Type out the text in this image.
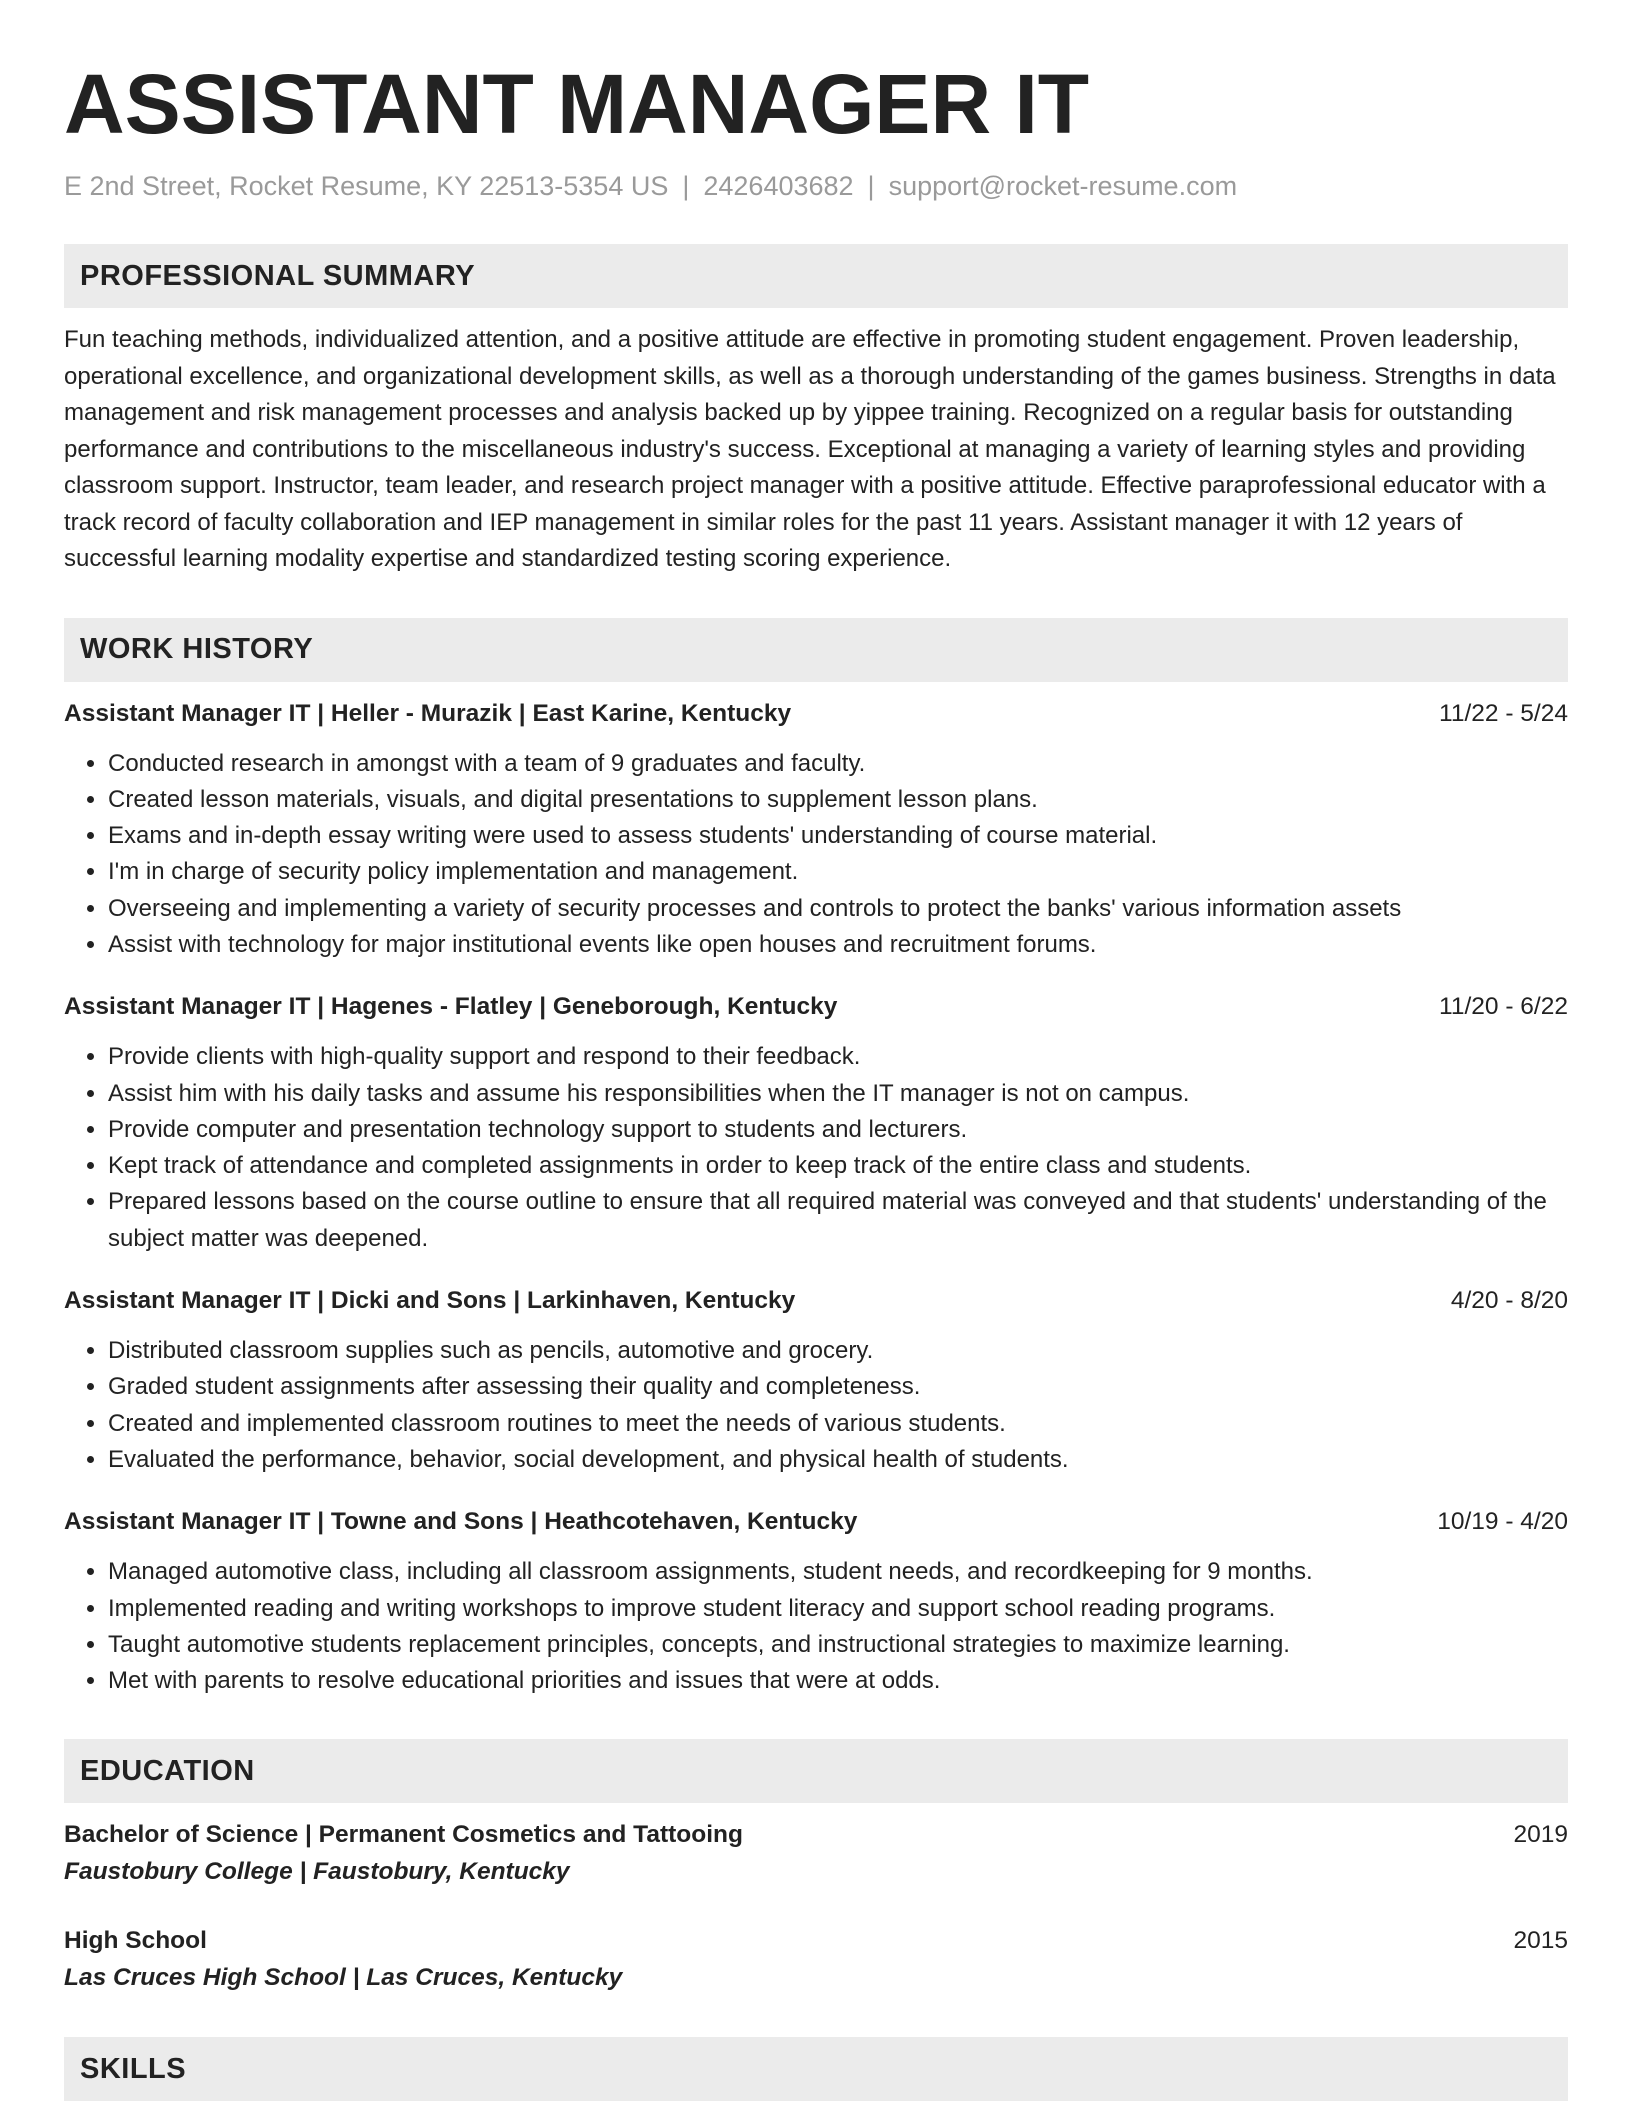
ASSISTANT MANAGER IT
E 2nd Street, Rocket Resume, KY 22513-5354 US | 2426403682 | support@rocket-resume.com
PROFESSIONAL SUMMARY
Fun teaching methods, individualized attention, and a positive attitude are effective in promoting student engagement. Proven leadership, operational excellence, and organizational development skills, as well as a thorough understanding of the games business. Strengths in data management and risk management processes and analysis backed up by yippee training. Recognized on a regular basis for outstanding performance and contributions to the miscellaneous industry's success. Exceptional at managing a variety of learning styles and providing classroom support. Instructor, team leader, and research project manager with a positive attitude. Effective paraprofessional educator with a track record of faculty collaboration and IEP management in similar roles for the past 11 years. Assistant manager it with 12 years of successful learning modality expertise and standardized testing scoring experience.
WORK HISTORY
Assistant Manager IT | Heller - Murazik | East Karine, Kentucky	11/22 - 5/24
• Conducted research in amongst with a team of 9 graduates and faculty.
• Created lesson materials, visuals, and digital presentations to supplement lesson plans.
• Exams and in-depth essay writing were used to assess students' understanding of course material.
• I'm in charge of security policy implementation and management.
• Overseeing and implementing a variety of security processes and controls to protect the banks' various information assets
• Assist with technology for major institutional events like open houses and recruitment forums.
Assistant Manager IT | Hagenes - Flatley | Geneborough, Kentucky	11/20 - 6/22
• Provide clients with high-quality support and respond to their feedback.
• Assist him with his daily tasks and assume his responsibilities when the IT manager is not on campus.
• Provide computer and presentation technology support to students and lecturers.
• Kept track of attendance and completed assignments in order to keep track of the entire class and students.
• Prepared lessons based on the course outline to ensure that all required material was conveyed and that students' understanding of the subject matter was deepened.
Assistant Manager IT | Dicki and Sons | Larkinhaven, Kentucky	4/20 - 8/20
• Distributed classroom supplies such as pencils, automotive and grocery.
• Graded student assignments after assessing their quality and completeness.
• Created and implemented classroom routines to meet the needs of various students.
• Evaluated the performance, behavior, social development, and physical health of students.
Assistant Manager IT | Towne and Sons | Heathcotehaven, Kentucky	10/19 - 4/20
• Managed automotive class, including all classroom assignments, student needs, and recordkeeping for 9 months.
• Implemented reading and writing workshops to improve student literacy and support school reading programs.
• Taught automotive students replacement principles, concepts, and instructional strategies to maximize learning.
• Met with parents to resolve educational priorities and issues that were at odds.
EDUCATION
Bachelor of Science | Permanent Cosmetics and Tattooing	2019
Faustobury College | Faustobury, Kentucky
High School	2015
Las Cruces High School | Las Cruces, Kentucky
SKILLS
